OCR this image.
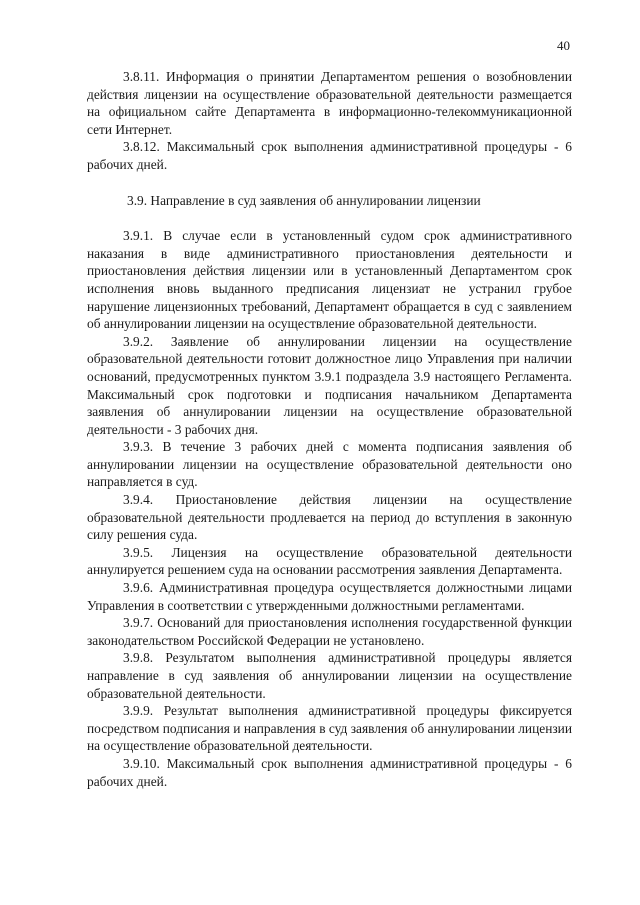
40

3.8.11. Информация о принятии Департаментом решения о возобновлении действия лицензии на осуществление образовательной деятельности размещается на официальном сайте Департамента в информационно-телекоммуникационной сети Интернет.

3.8.12. Максимальный срок выполнения административной процедуры - 6 рабочих дней.

3.9. Направление в суд заявления об аннулировании лицензии

3.9.1. В случае если в установленный судом срок административного наказания в виде административного приостановления деятельности и приостановления действия лицензии или в установленный Департаментом срок исполнения вновь выданного предписания лицензиат не устранил грубое нарушение лицензионных требований, Департамент обращается в суд с заявлением об аннулировании лицензии на осуществление образовательной деятельности.

3.9.2. Заявление об аннулировании лицензии на осуществление образовательной деятельности готовит должностное лицо Управления при наличии оснований, предусмотренных пунктом 3.9.1 подраздела 3.9 настоящего Регламента. Максимальный срок подготовки и подписания начальником Департамента заявления об аннулировании лицензии на осуществление образовательной деятельности - 3 рабочих дня.

3.9.3. В течение 3 рабочих дней с момента подписания заявления об аннулировании лицензии на осуществление образовательной деятельности оно направляется в суд.

3.9.4. Приостановление действия лицензии на осуществление образовательной деятельности продлевается на период до вступления в законную силу решения суда.

3.9.5. Лицензия на осуществление образовательной деятельности аннулируется решением суда на основании рассмотрения заявления Департамента.

3.9.6. Административная процедура осуществляется должностными лицами Управления в соответствии с утвержденными должностными регламентами.

3.9.7. Оснований для приостановления исполнения государственной функции законодательством Российской Федерации не установлено.

3.9.8. Результатом выполнения административной процедуры является направление в суд заявления об аннулировании лицензии на осуществление образовательной деятельности.

3.9.9. Результат выполнения административной процедуры фиксируется посредством подписания и направления в суд заявления об аннулировании лицензии на осуществление образовательной деятельности.

3.9.10. Максимальный срок выполнения административной процедуры - 6 рабочих дней.
